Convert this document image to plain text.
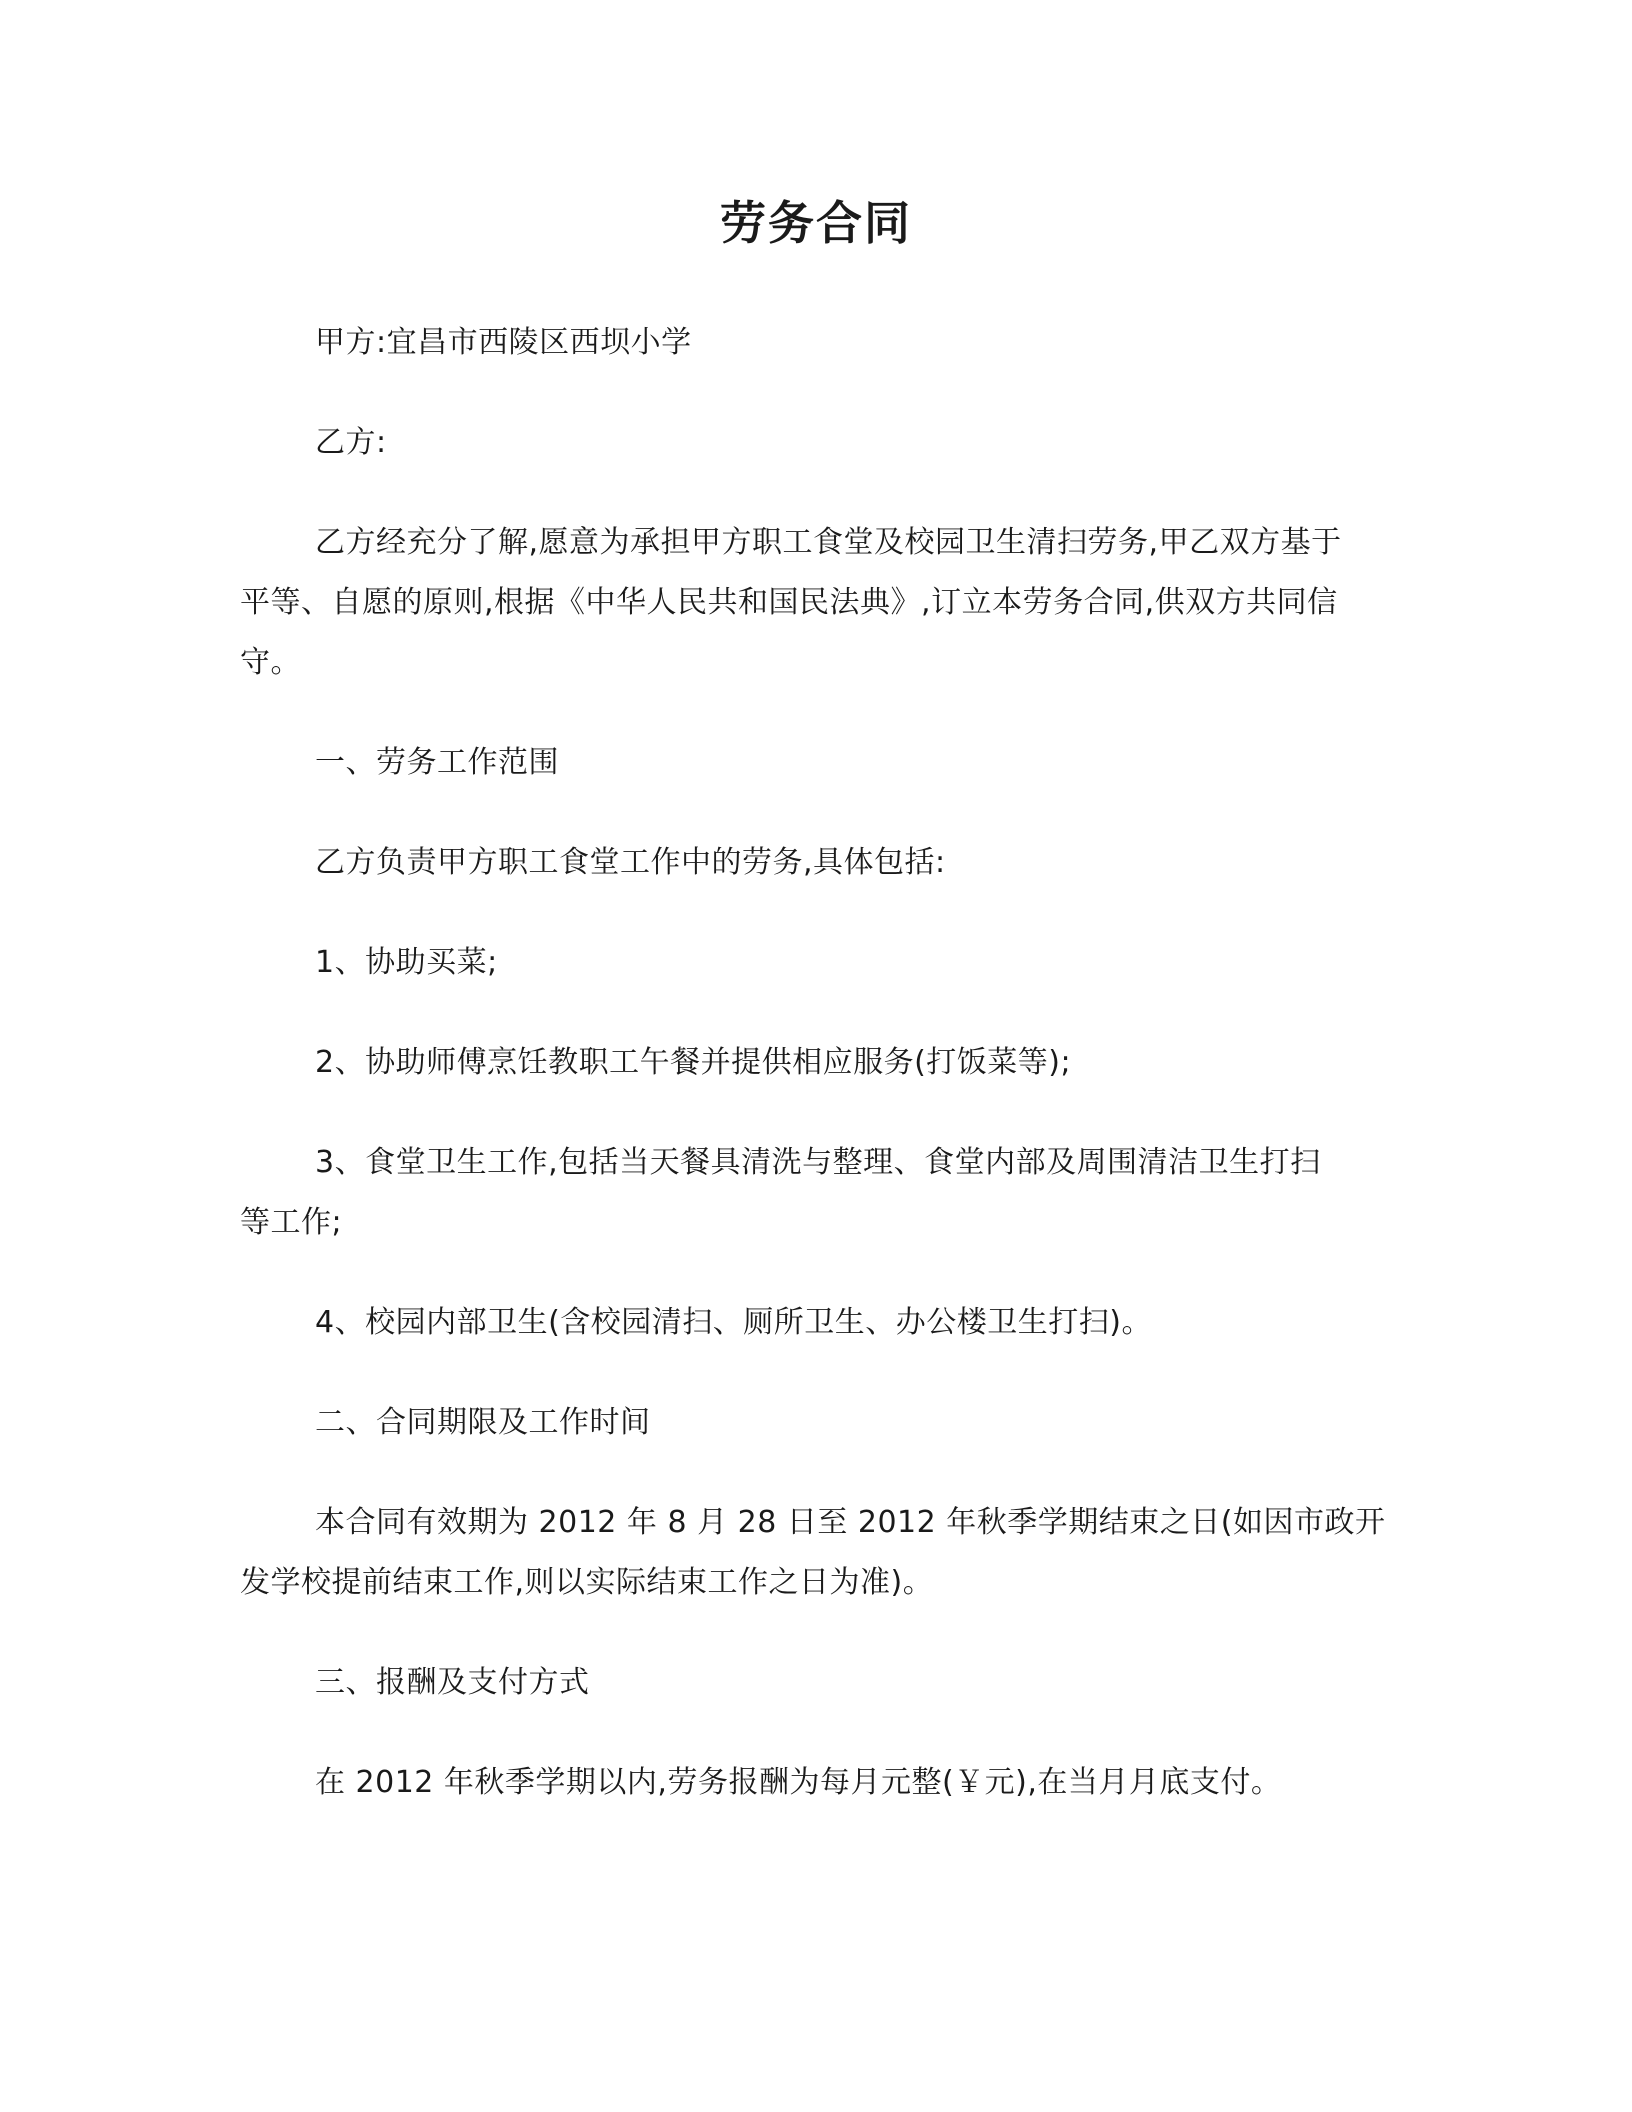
劳务合同

甲方:宜昌市西陵区西坝小学

乙方:

乙方经充分了解,愿意为承担甲方职工食堂及校园卫生清扫劳务,甲乙双方基于
平等、自愿的原则,根据《中华人民共和国民法典》,订立本劳务合同,供双方共同信
守。

一、劳务工作范围

乙方负责甲方职工食堂工作中的劳务,具体包括:

1、协助买菜;

2、协助师傅烹饪教职工午餐并提供相应服务(打饭菜等);

3、食堂卫生工作,包括当天餐具清洗与整理、食堂内部及周围清洁卫生打扫
等工作;

4、校园内部卫生(含校园清扫、厕所卫生、办公楼卫生打扫)。

二、合同期限及工作时间

本合同有效期为 2012 年 8 月 28 日至 2012 年秋季学期结束之日(如因市政开
发学校提前结束工作,则以实际结束工作之日为准)。

三、报酬及支付方式

在 2012 年秋季学期以内,劳务报酬为每月元整(￥元),在当月月底支付。
